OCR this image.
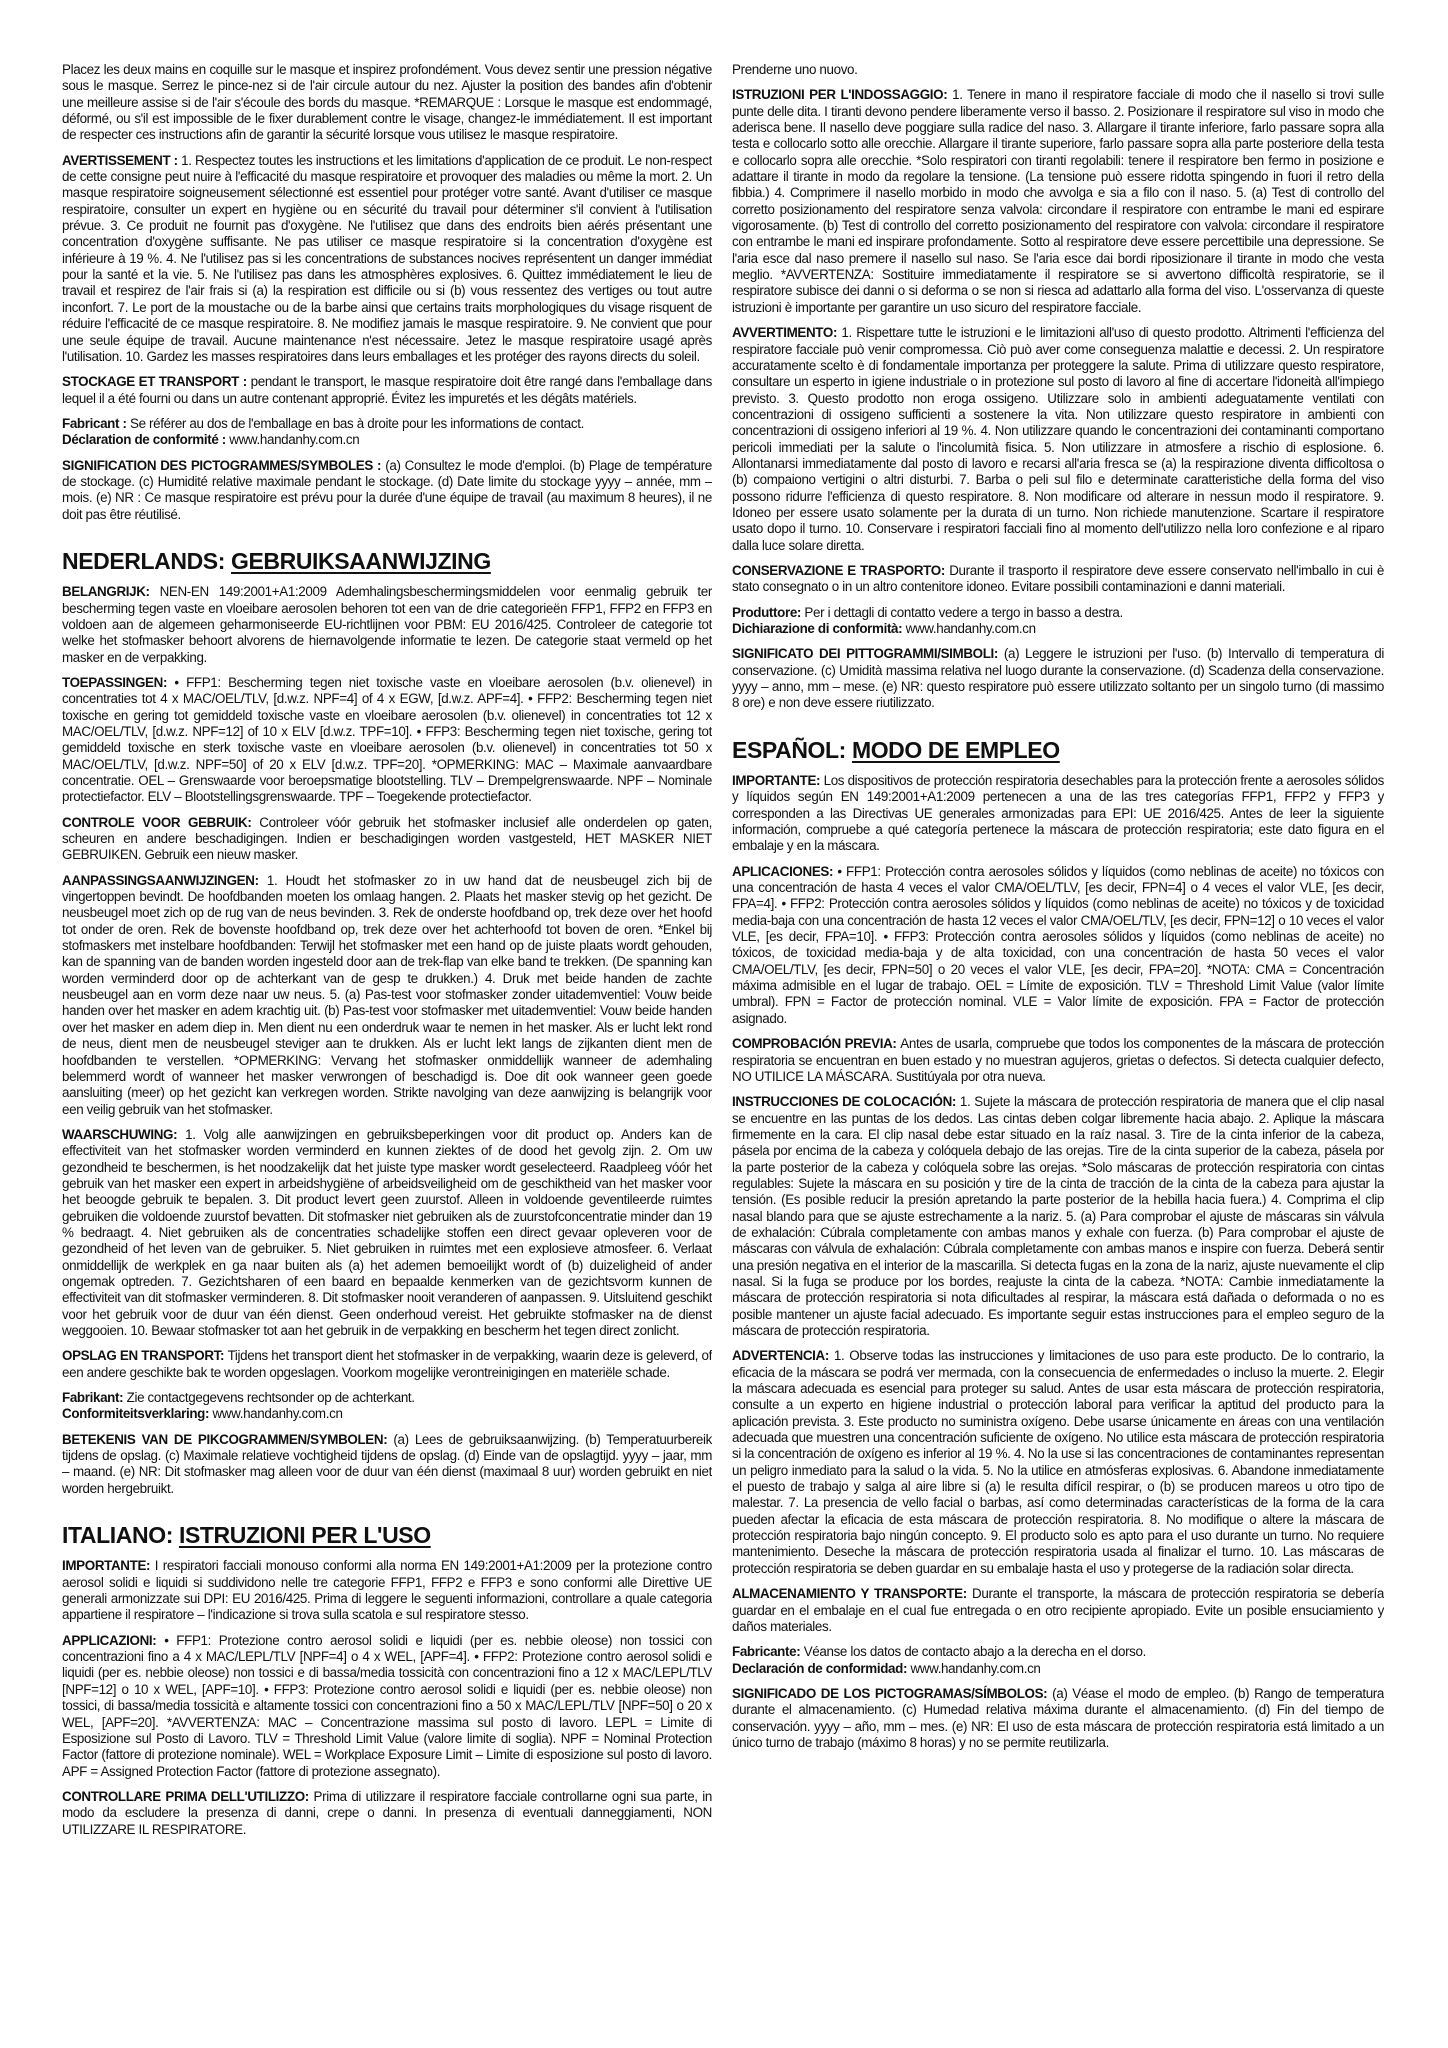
Placez les deux mains en coquille sur le masque et inspirez profondément. Vous devez sentir une pression négative sous le masque. Serrez le pince-nez si de l'air circule autour du nez. Ajuster la position des bandes afin d'obtenir une meilleure assise si de l'air s'écoule des bords du masque. *REMARQUE : Lorsque le masque est endommagé, déformé, ou s'il est impossible de le fixer durablement contre le visage, changez-le immédiatement. Il est important de respecter ces instructions afin de garantir la sécurité lorsque vous utilisez le masque respiratoire.

AVERTISSEMENT : 1. Respectez toutes les instructions et les limitations d'application de ce produit. Le non-respect de cette consigne peut nuire à l'efficacité du masque respiratoire et provoquer des maladies ou même la mort. 2. Un masque respiratoire soigneusement sélectionné est essentiel pour protéger votre santé. Avant d'utiliser ce masque respiratoire, consulter un expert en hygiène ou en sécurité du travail pour déterminer s'il convient à l'utilisation prévue. 3. Ce produit ne fournit pas d'oxygène. Ne l'utilisez que dans des endroits bien aérés présentant une concentration d'oxygène suffisante. Ne pas utiliser ce masque respiratoire si la concentration d'oxygène est inférieure à 19 %. 4. Ne l'utilisez pas si les concentrations de substances nocives représentent un danger immédiat pour la santé et la vie. 5. Ne l'utilisez pas dans les atmosphères explosives. 6. Quittez immédiatement le lieu de travail et respirez de l'air frais si (a) la respiration est difficile ou si (b) vous ressentez des vertiges ou tout autre inconfort. 7. Le port de la moustache ou de la barbe ainsi que certains traits morphologiques du visage risquent de réduire l'efficacité de ce masque respiratoire. 8. Ne modifiez jamais le masque respiratoire. 9. Ne convient que pour une seule équipe de travail. Aucune maintenance n'est nécessaire. Jetez le masque respiratoire usagé après l'utilisation. 10. Gardez les masses respiratoires dans leurs emballages et les protéger des rayons directs du soleil.

STOCKAGE ET TRANSPORT : pendant le transport, le masque respiratoire doit être rangé dans l'emballage dans lequel il a été fourni ou dans un autre contenant approprié. Évitez les impuretés et les dégâts matériels.

Fabricant : Se référer au dos de l'emballage en bas à droite pour les informations de contact.

Déclaration de conformité : www.handanhy.com.cn

SIGNIFICATION DES PICTOGRAMMES/SYMBOLES : (a) Consultez le mode d'emploi. (b) Plage de température de stockage. (c) Humidité relative maximale pendant le stockage. (d) Date limite du stockage yyyy – année, mm – mois. (e) NR : Ce masque respiratoire est prévu pour la durée d'une équipe de travail (au maximum 8 heures), il ne doit pas être réutilisé.

NEDERLANDS: GEBRUIKSAANWIJZING

BELANGRIJK: NEN-EN 149:2001+A1:2009 Ademhalingsbeschermingsmiddelen voor eenmalig gebruik ter bescherming tegen vaste en vloeibare aerosolen behoren tot een van de drie categorieën FFP1, FFP2 en FFP3 en voldoen aan de algemeen geharmoniseerde EU-richtlijnen voor PBM: EU 2016/425. Controleer de categorie tot welke het stofmasker behoort alvorens de hiernavolgende informatie te lezen. De categorie staat vermeld op het masker en de verpakking.

TOEPASSINGEN: • FFP1: Bescherming tegen niet toxische vaste en vloeibare aerosolen (b.v. olienevel) in concentraties tot 4 x MAC/OEL/TLV, [d.w.z. NPF=4] of 4 x EGW, [d.w.z. APF=4]. • FFP2: Bescherming tegen niet toxische en gering tot gemiddeld toxische vaste en vloeibare aerosolen (b.v. olienevel) in concentraties tot 12 x MAC/OEL/TLV, [d.w.z. NPF=12] of 10 x ELV [d.w.z. TPF=10]. • FFP3: Bescherming tegen niet toxische, gering tot gemiddeld toxische en sterk toxische vaste en vloeibare aerosolen (b.v. olienevel) in concentraties tot 50 x MAC/OEL/TLV, [d.w.z. NPF=50] of 20 x ELV [d.w.z. TPF=20]. *OPMERKING: MAC – Maximale aanvaardbare concentratie. OEL – Grenswaarde voor beroepsmatige blootstelling. TLV – Drempelgrenswaarde. NPF – Nominale protectiefactor. ELV – Blootstellingsgrenswaarde. TPF – Toegekende protectiefactor.

CONTROLE VOOR GEBRUIK: Controleer vóór gebruik het stofmasker inclusief alle onderdelen op gaten, scheuren en andere beschadigingen. Indien er beschadigingen worden vastgesteld, HET MASKER NIET GEBRUIKEN. Gebruik een nieuw masker.

AANPASSINGSAANWIJZINGEN: 1. Houdt het stofmasker zo in uw hand dat de neusbeugel zich bij de vingertoppen bevindt. De hoofdbanden moeten los omlaag hangen. 2. Plaats het masker stevig op het gezicht. De neusbeugel moet zich op de rug van de neus bevinden. 3. Rek de onderste hoofdband op, trek deze over het hoofd tot onder de oren. Rek de bovenste hoofdband op, trek deze over het achterhoofd tot boven de oren. *Enkel bij stofmaskers met instelbare hoofdbanden: Terwijl het stofmasker met een hand op de juiste plaats wordt gehouden, kan de spanning van de banden worden ingesteld door aan de trek-flap van elke band te trekken. (De spanning kan worden verminderd door op de achterkant van de gesp te drukken.) 4. Druk met beide handen de zachte neusbeugel aan en vorm deze naar uw neus. 5. (a) Pas-test voor stofmasker zonder uitademventiel: Vouw beide handen over het masker en adem krachtig uit. (b) Pas-test voor stofmasker met uitademventiel: Vouw beide handen over het masker en adem diep in. Men dient nu een onderdruk waar te nemen in het masker. Als er lucht lekt rond de neus, dient men de neusbeugel steviger aan te drukken. Als er lucht lekt langs de zijkanten dient men de hoofdbanden te verstellen. *OPMERKING: Vervang het stofmasker onmiddellijk wanneer de ademhaling belemmerd wordt of wanneer het masker verwrongen of beschadigd is. Doe dit ook wanneer geen goede aansluiting (meer) op het gezicht kan verkregen worden. Strikte navolging van deze aanwijzing is belangrijk voor een veilig gebruik van het stofmasker.

WAARSCHUWING: 1. Volg alle aanwijzingen en gebruiksbeperkingen voor dit product op. Anders kan de effectiviteit van het stofmasker worden verminderd en kunnen ziektes of de dood het gevolg zijn. 2. Om uw gezondheid te beschermen, is het noodzakelijk dat het juiste type masker wordt geselecteerd. Raadpleeg vóór het gebruik van het masker een expert in arbeidshygiëne of arbeidsveiligheid om de geschiktheid van het masker voor het beoogde gebruik te bepalen. 3. Dit product levert geen zuurstof. Alleen in voldoende geventileerde ruimtes gebruiken die voldoende zuurstof bevatten. Dit stofmasker niet gebruiken als de zuurstofconcentratie minder dan 19 % bedraagt. 4. Niet gebruiken als de concentraties schadelijke stoffen een direct gevaar opleveren voor de gezondheid of het leven van de gebruiker. 5. Niet gebruiken in ruimtes met een explosieve atmosfeer. 6. Verlaat onmiddellijk de werkplek en ga naar buiten als (a) het ademen bemoeilijkt wordt of (b) duizeligheid of ander ongemak optreden. 7. Gezichtsharen of een baard en bepaalde kenmerken van de gezichtsvorm kunnen de effectiviteit van dit stofmasker verminderen. 8. Dit stofmasker nooit veranderen of aanpassen. 9. Uitsluitend geschikt voor het gebruik voor de duur van één dienst. Geen onderhoud vereist. Het gebruikte stofmasker na de dienst weggooien. 10. Bewaar stofmasker tot aan het gebruik in de verpakking en bescherm het tegen direct zonlicht.

OPSLAG EN TRANSPORT: Tijdens het transport dient het stofmasker in de verpakking, waarin deze is geleverd, of een andere geschikte bak te worden opgeslagen. Voorkom mogelijke verontreinigingen en materiële schade.

Fabrikant: Zie contactgegevens rechtsonder op de achterkant.

Conformiteitsverklaring: www.handanhy.com.cn

BETEKENIS VAN DE PIKCOGRAMMEN/SYMBOLEN: (a) Lees de gebruiksaanwijzing. (b) Temperatuurbereik tijdens de opslag. (c) Maximale relatieve vochtigheid tijdens de opslag. (d) Einde van de opslagtijd. yyyy – jaar, mm – maand. (e) NR: Dit stofmasker mag alleen voor de duur van één dienst (maximaal 8 uur) worden gebruikt en niet worden hergebruikt.

ITALIANO: ISTRUZIONI PER L'USO

IMPORTANTE: I respiratori facciali monouso conformi alla norma EN 149:2001+A1:2009 per la protezione contro aerosol solidi e liquidi si suddividono nelle tre categorie FFP1, FFP2 e FFP3 e sono conformi alle Direttive UE generali armonizzate sui DPI: EU 2016/425. Prima di leggere le seguenti informazioni, controllare a quale categoria appartiene il respiratore – l'indicazione si trova sulla scatola e sul respiratore stesso.

APPLICAZIONI: • FFP1: Protezione contro aerosol solidi e liquidi (per es. nebbie oleose) non tossici con concentrazioni fino a 4 x MAC/LEPL/TLV [NPF=4] o 4 x WEL, [APF=4]. • FFP2: Protezione contro aerosol solidi e liquidi (per es. nebbie oleose) non tossici e di bassa/media tossicità con concentrazioni fino a 12 x MAC/LEPL/TLV [NPF=12] o 10 x WEL, [APF=10]. • FFP3: Protezione contro aerosol solidi e liquidi (per es. nebbie oleose) non tossici, di bassa/media tossicità e altamente tossici con concentrazioni fino a 50 x MAC/LEPL/TLV [NPF=50] o 20 x WEL, [APF=20]. *AVVERTENZA: MAC – Concentrazione massima sul posto di lavoro. LEPL = Limite di Esposizione sul Posto di Lavoro. TLV = Threshold Limit Value (valore limite di soglia). NPF = Nominal Protection Factor (fattore di protezione nominale). WEL = Workplace Exposure Limit – Limite di esposizione sul posto di lavoro. APF = Assigned Protection Factor (fattore di protezione assegnato).

CONTROLLARE PRIMA DELL'UTILIZZO: Prima di utilizzare il respiratore facciale controllarne ogni sua parte, in modo da escludere la presenza di danni, crepe o danni. In presenza di eventuali danneggiamenti, NON UTILIZZARE IL RESPIRATORE.

Prenderne uno nuovo.

ISTRUZIONI PER L'INDOSSAGGIO: 1. Tenere in mano il respiratore facciale di modo che il nasello si trovi sulle punte delle dita. I tiranti devono pendere liberamente verso il basso. 2. Posizionare il respiratore sul viso in modo che aderisca bene. Il nasello deve poggiare sulla radice del naso. 3. Allargare il tirante inferiore, farlo passare sopra alla testa e collocarlo sotto alle orecchie. Allargare il tirante superiore, farlo passare sopra alla parte posteriore della testa e collocarlo sopra alle orecchie. *Solo respiratori con tiranti regolabili: tenere il respiratore ben fermo in posizione e adattare il tirante in modo da regolare la tensione. (La tensione può essere ridotta spingendo in fuori il retro della fibbia.) 4. Comprimere il nasello morbido in modo che avvolga e sia a filo con il naso. 5. (a) Test di controllo del corretto posizionamento del respiratore senza valvola: circondare il respiratore con entrambe le mani ed espirare vigorosamente. (b) Test di controllo del corretto posizionamento del respiratore con valvola: circondare il respiratore con entrambe le mani ed inspirare profondamente. Sotto al respiratore deve essere percettibile una depressione. Se l'aria esce dal naso premere il nasello sul naso. Se l'aria esce dai bordi riposizionare il tirante in modo che vesta meglio. *AVVERTENZA: Sostituire immediatamente il respiratore se si avvertono difficoltà respiratorie, se il respiratore subisce dei danni o si deforma o se non si riesca ad adattarlo alla forma del viso. L'osservanza di queste istruzioni è importante per garantire un uso sicuro del respiratore facciale.

AVVERTIMENTO: 1. Rispettare tutte le istruzioni e le limitazioni all'uso di questo prodotto. Altrimenti l'efficienza del respiratore facciale può venir compromessa. Ciò può aver come conseguenza malattie e decessi. 2. Un respiratore accuratamente scelto è di fondamentale importanza per proteggere la salute. Prima di utilizzare questo respiratore, consultare un esperto in igiene industriale o in protezione sul posto di lavoro al fine di accertare l'idoneità all'impiego previsto. 3. Questo prodotto non eroga ossigeno. Utilizzare solo in ambienti adeguatamente ventilati con concentrazioni di ossigeno sufficienti a sostenere la vita. Non utilizzare questo respiratore in ambienti con concentrazioni di ossigeno inferiori al 19 %. 4. Non utilizzare quando le concentrazioni dei contaminanti comportano pericoli immediati per la salute o l'incolumità fisica. 5. Non utilizzare in atmosfere a rischio di esplosione. 6. Allontanarsi immediatamente dal posto di lavoro e recarsi all'aria fresca se (a) la respirazione diventa difficoltosa o (b) compaiono vertigini o altri disturbi. 7. Barba o peli sul filo e determinate caratteristiche della forma del viso possono ridurre l'efficienza di questo respiratore. 8. Non modificare od alterare in nessun modo il respiratore. 9. Idoneo per essere usato solamente per la durata di un turno. Non richiede manutenzione. Scartare il respiratore usato dopo il turno. 10. Conservare i respiratori facciali fino al momento dell'utilizzo nella loro confezione e al riparo dalla luce solare diretta.

CONSERVAZIONE E TRASPORTO: Durante il trasporto il respiratore deve essere conservato nell'imballo in cui è stato consegnato o in un altro contenitore idoneo. Evitare possibili contaminazioni e danni materiali.

Produttore: Per i dettagli di contatto vedere a tergo in basso a destra.

Dichiarazione di conformità: www.handanhy.com.cn

SIGNIFICATO DEI PITTOGRAMMI/SIMBOLI: (a) Leggere le istruzioni per l'uso. (b) Intervallo di temperatura di conservazione. (c) Umidità massima relativa nel luogo durante la conservazione. (d) Scadenza della conservazione. yyyy – anno, mm – mese. (e) NR: questo respiratore può essere utilizzato soltanto per un singolo turno (di massimo 8 ore) e non deve essere riutilizzato.

ESPAÑOL: MODO DE EMPLEO

IMPORTANTE: Los dispositivos de protección respiratoria desechables para la protección frente a aerosoles sólidos y líquidos según EN 149:2001+A1:2009 pertenecen a una de las tres categorías FFP1, FFP2 y FFP3 y corresponden a las Directivas UE generales armonizadas para EPI: UE 2016/425. Antes de leer la siguiente información, compruebe a qué categoría pertenece la máscara de protección respiratoria; este dato figura en el embalaje y en la máscara.

APLICACIONES: • FFP1: Protección contra aerosoles sólidos y líquidos (como neblinas de aceite) no tóxicos con una concentración de hasta 4 veces el valor CMA/OEL/TLV, [es decir, FPN=4] o 4 veces el valor VLE, [es decir, FPA=4]. • FFP2: Protección contra aerosoles sólidos y líquidos (como neblinas de aceite) no tóxicos y de toxicidad media-baja con una concentración de hasta 12 veces el valor CMA/OEL/TLV, [es decir, FPN=12] o 10 veces el valor VLE, [es decir, FPA=10]. • FFP3: Protección contra aerosoles sólidos y líquidos (como neblinas de aceite) no tóxicos, de toxicidad media-baja y de alta toxicidad, con una concentración de hasta 50 veces el valor CMA/OEL/TLV, [es decir, FPN=50] o 20 veces el valor VLE, [es decir, FPA=20]. *NOTA: CMA = Concentración máxima admisible en el lugar de trabajo. OEL = Límite de exposición. TLV = Threshold Limit Value (valor límite umbral). FPN = Factor de protección nominal. VLE = Valor límite de exposición. FPA = Factor de protección asignado.

COMPROBACIÓN PREVIA: Antes de usarla, compruebe que todos los componentes de la máscara de protección respiratoria se encuentran en buen estado y no muestran agujeros, grietas o defectos. Si detecta cualquier defecto, NO UTILICE LA MÁSCARA. Sustitúyala por otra nueva.

INSTRUCCIONES DE COLOCACIÓN: 1. Sujete la máscara de protección respiratoria de manera que el clip nasal se encuentre en las puntas de los dedos. Las cintas deben colgar libremente hacia abajo. 2. Aplique la máscara firmemente en la cara. El clip nasal debe estar situado en la raíz nasal. 3. Tire de la cinta inferior de la cabeza, pásela por encima de la cabeza y colóquela debajo de las orejas. Tire de la cinta superior de la cabeza, pásela por la parte posterior de la cabeza y colóquela sobre las orejas. *Solo máscaras de protección respiratoria con cintas regulables: Sujete la máscara en su posición y tire de la cinta de tracción de la cinta de la cabeza para ajustar la tensión. (Es posible reducir la presión apretando la parte posterior de la hebilla hacia fuera.) 4. Comprima el clip nasal blando para que se ajuste estrechamente a la nariz. 5. (a) Para comprobar el ajuste de máscaras sin válvula de exhalación: Cúbrala completamente con ambas manos y exhale con fuerza. (b) Para comprobar el ajuste de máscaras con válvula de exhalación: Cúbrala completamente con ambas manos e inspire con fuerza. Deberá sentir una presión negativa en el interior de la mascarilla. Si detecta fugas en la zona de la nariz, ajuste nuevamente el clip nasal. Si la fuga se produce por los bordes, reajuste la cinta de la cabeza. *NOTA: Cambie inmediatamente la máscara de protección respiratoria si nota dificultades al respirar, la máscara está dañada o deformada o no es posible mantener un ajuste facial adecuado. Es importante seguir estas instrucciones para el empleo seguro de la máscara de protección respiratoria.

ADVERTENCIA: 1. Observe todas las instrucciones y limitaciones de uso para este producto. De lo contrario, la eficacia de la máscara se podrá ver mermada, con la consecuencia de enfermedades o incluso la muerte. 2. Elegir la máscara adecuada es esencial para proteger su salud. Antes de usar esta máscara de protección respiratoria, consulte a un experto en higiene industrial o protección laboral para verificar la aptitud del producto para la aplicación prevista. 3. Este producto no suministra oxígeno. Debe usarse únicamente en áreas con una ventilación adecuada que muestren una concentración suficiente de oxígeno. No utilice esta máscara de protección respiratoria si la concentración de oxígeno es inferior al 19 %. 4. No la use si las concentraciones de contaminantes representan un peligro inmediato para la salud o la vida. 5. No la utilice en atmósferas explosivas. 6. Abandone inmediatamente el puesto de trabajo y salga al aire libre si (a) le resulta difícil respirar, o (b) se producen mareos u otro tipo de malestar. 7. La presencia de vello facial o barbas, así como determinadas características de la forma de la cara pueden afectar la eficacia de esta máscara de protección respiratoria. 8. No modifique o altere la máscara de protección respiratoria bajo ningún concepto. 9. El producto solo es apto para el uso durante un turno. No requiere mantenimiento. Deseche la máscara de protección respiratoria usada al finalizar el turno. 10. Las máscaras de protección respiratoria se deben guardar en su embalaje hasta el uso y protegerse de la radiación solar directa.

ALMACENAMIENTO Y TRANSPORTE: Durante el transporte, la máscara de protección respiratoria se debería guardar en el embalaje en el cual fue entregada o en otro recipiente apropiado. Evite un posible ensuciamiento y daños materiales.

Fabricante: Véanse los datos de contacto abajo a la derecha en el dorso.

Declaración de conformidad: www.handanhy.com.cn

SIGNIFICADO DE LOS PICTOGRAMAS/SÍMBOLOS: (a) Véase el modo de empleo. (b) Rango de temperatura durante el almacenamiento. (c) Humedad relativa máxima durante el almacenamiento. (d) Fin del tiempo de conservación. yyyy – año, mm – mes. (e) NR: El uso de esta máscara de protección respiratoria está limitado a un único turno de trabajo (máximo 8 horas) y no se permite reutilizarla.
